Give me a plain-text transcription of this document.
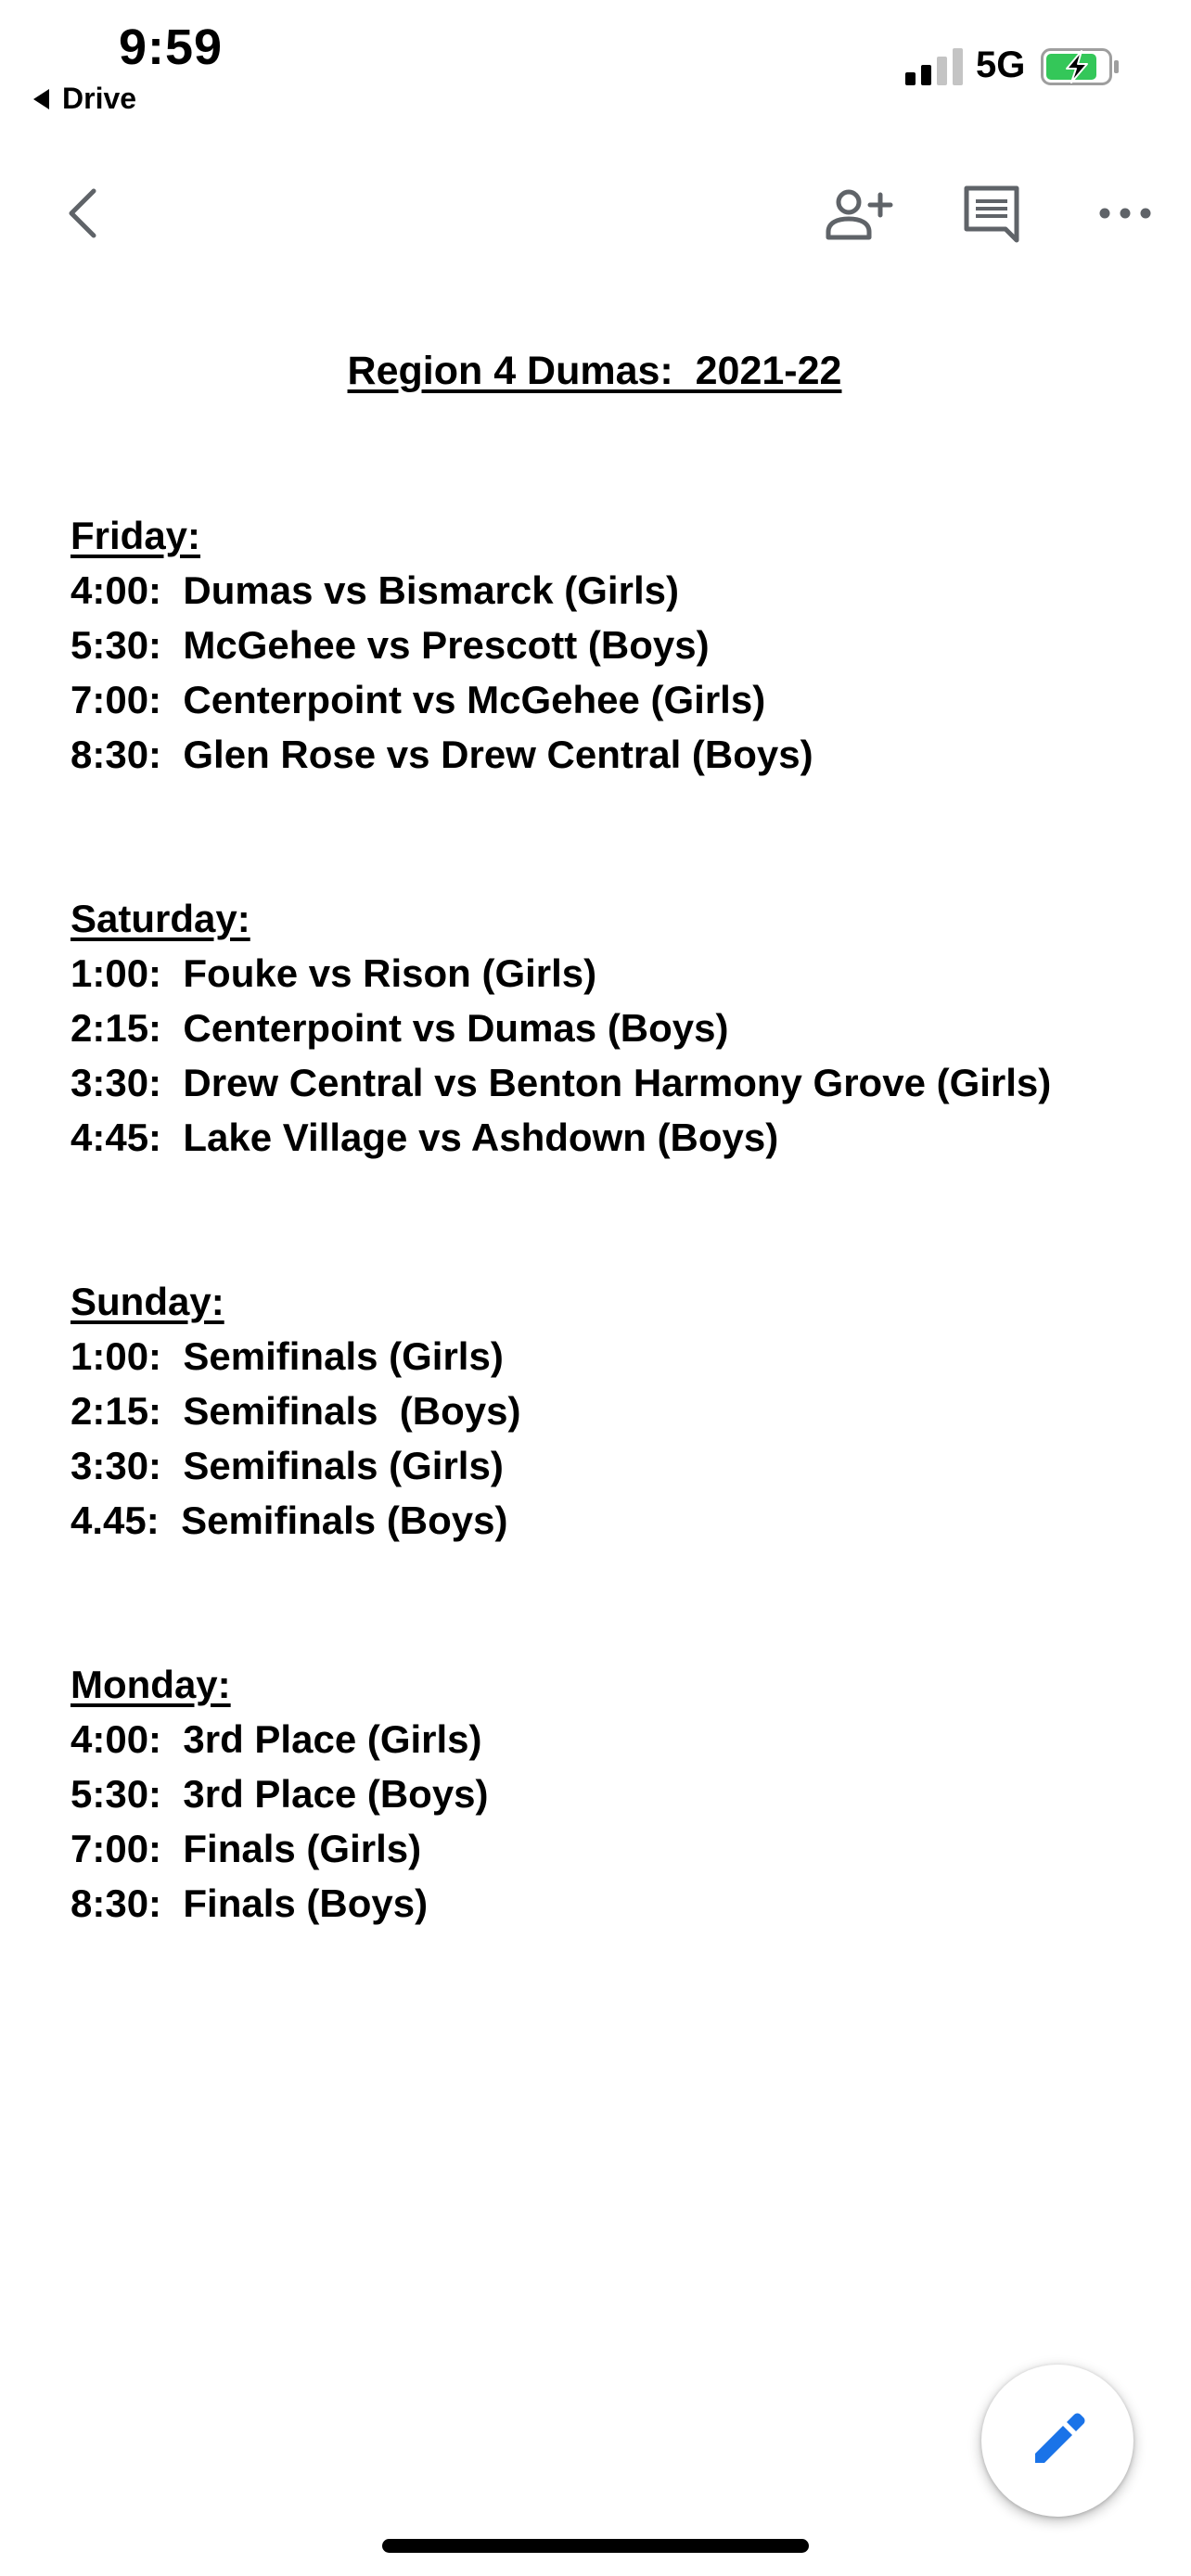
9:59
Drive
5G
Region 4 Dumas:  2021-22
Friday:
4:00:  Dumas vs Bismarck (Girls)
5:30:  McGehee vs Prescott (Boys)
7:00:  Centerpoint vs McGehee (Girls)
8:30:  Glen Rose vs Drew Central (Boys)
Saturday:
1:00:  Fouke vs Rison (Girls)
2:15:  Centerpoint vs Dumas (Boys)
3:30:  Drew Central vs Benton Harmony Grove (Girls)
4:45:  Lake Village vs Ashdown (Boys)
Sunday:
1:00:  Semifinals (Girls)
2:15:  Semifinals  (Boys)
3:30:  Semifinals (Girls)
4.45:  Semifinals (Boys)
Monday:
4:00:  3rd Place (Girls)
5:30:  3rd Place (Boys)
7:00:  Finals (Girls)
8:30:  Finals (Boys)
